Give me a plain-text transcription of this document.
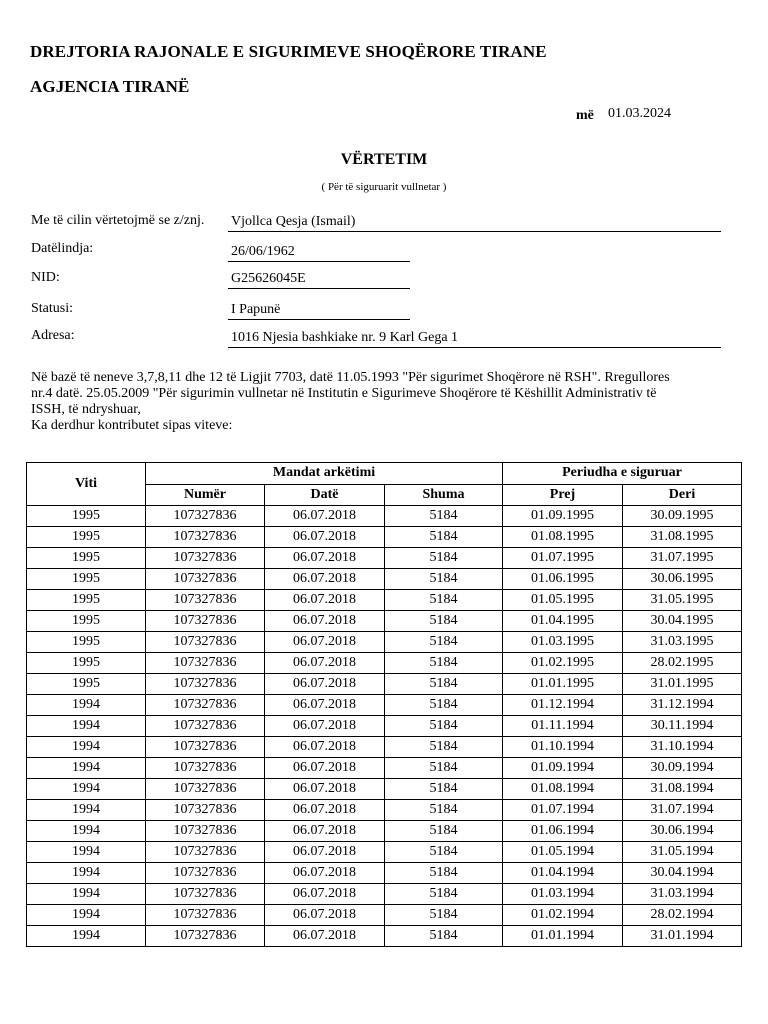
DREJTORIA RAJONALE E SIGURIMEVE SHOQËRORE TIRANE
AGJENCIA TIRANË
më 01.03.2024
VËRTETIM
( Për të siguruarit vullnetar )
Me të cilin vërtetojmë se z/znj. Vjollca Qesja (Ismail)
Datëlindja:	26/06/1962
NID:	G25626045E
Statusi:	I Papunë
Adresa:	1016 Njesia bashkiake nr. 9 Karl Gega 1
Në bazë të neneve 3,7,8,11 dhe 12 të Ligjit 7703, datë 11.05.1993 "Për sigurimet Shoqërore në RSH". Rregullores
nr.4 datë. 25.05.2009 "Për sigurimin vullnetar në Institutin e Sigurimeve Shoqërore të Këshillit Administrativ të
ISSH, të ndryshuar,
Ka derdhur kontributet sipas viteve:
Viti	Mandat arkëtimi			Periudha e siguruar	
	Numër	Datë	Shuma	Prej	Deri
1995	107327836	06.07.2018	5184	01.09.1995	30.09.1995
1995	107327836	06.07.2018	5184	01.08.1995	31.08.1995
1995	107327836	06.07.2018	5184	01.07.1995	31.07.1995
1995	107327836	06.07.2018	5184	01.06.1995	30.06.1995
1995	107327836	06.07.2018	5184	01.05.1995	31.05.1995
1995	107327836	06.07.2018	5184	01.04.1995	30.04.1995
1995	107327836	06.07.2018	5184	01.03.1995	31.03.1995
1995	107327836	06.07.2018	5184	01.02.1995	28.02.1995
1995	107327836	06.07.2018	5184	01.01.1995	31.01.1995
1994	107327836	06.07.2018	5184	01.12.1994	31.12.1994
1994	107327836	06.07.2018	5184	01.11.1994	30.11.1994
1994	107327836	06.07.2018	5184	01.10.1994	31.10.1994
1994	107327836	06.07.2018	5184	01.09.1994	30.09.1994
1994	107327836	06.07.2018	5184	01.08.1994	31.08.1994
1994	107327836	06.07.2018	5184	01.07.1994	31.07.1994
1994	107327836	06.07.2018	5184	01.06.1994	30.06.1994
1994	107327836	06.07.2018	5184	01.05.1994	31.05.1994
1994	107327836	06.07.2018	5184	01.04.1994	30.04.1994
1994	107327836	06.07.2018	5184	01.03.1994	31.03.1994
1994	107327836	06.07.2018	5184	01.02.1994	28.02.1994
1994	107327836	06.07.2018	5184	01.01.1994	31.01.1994
